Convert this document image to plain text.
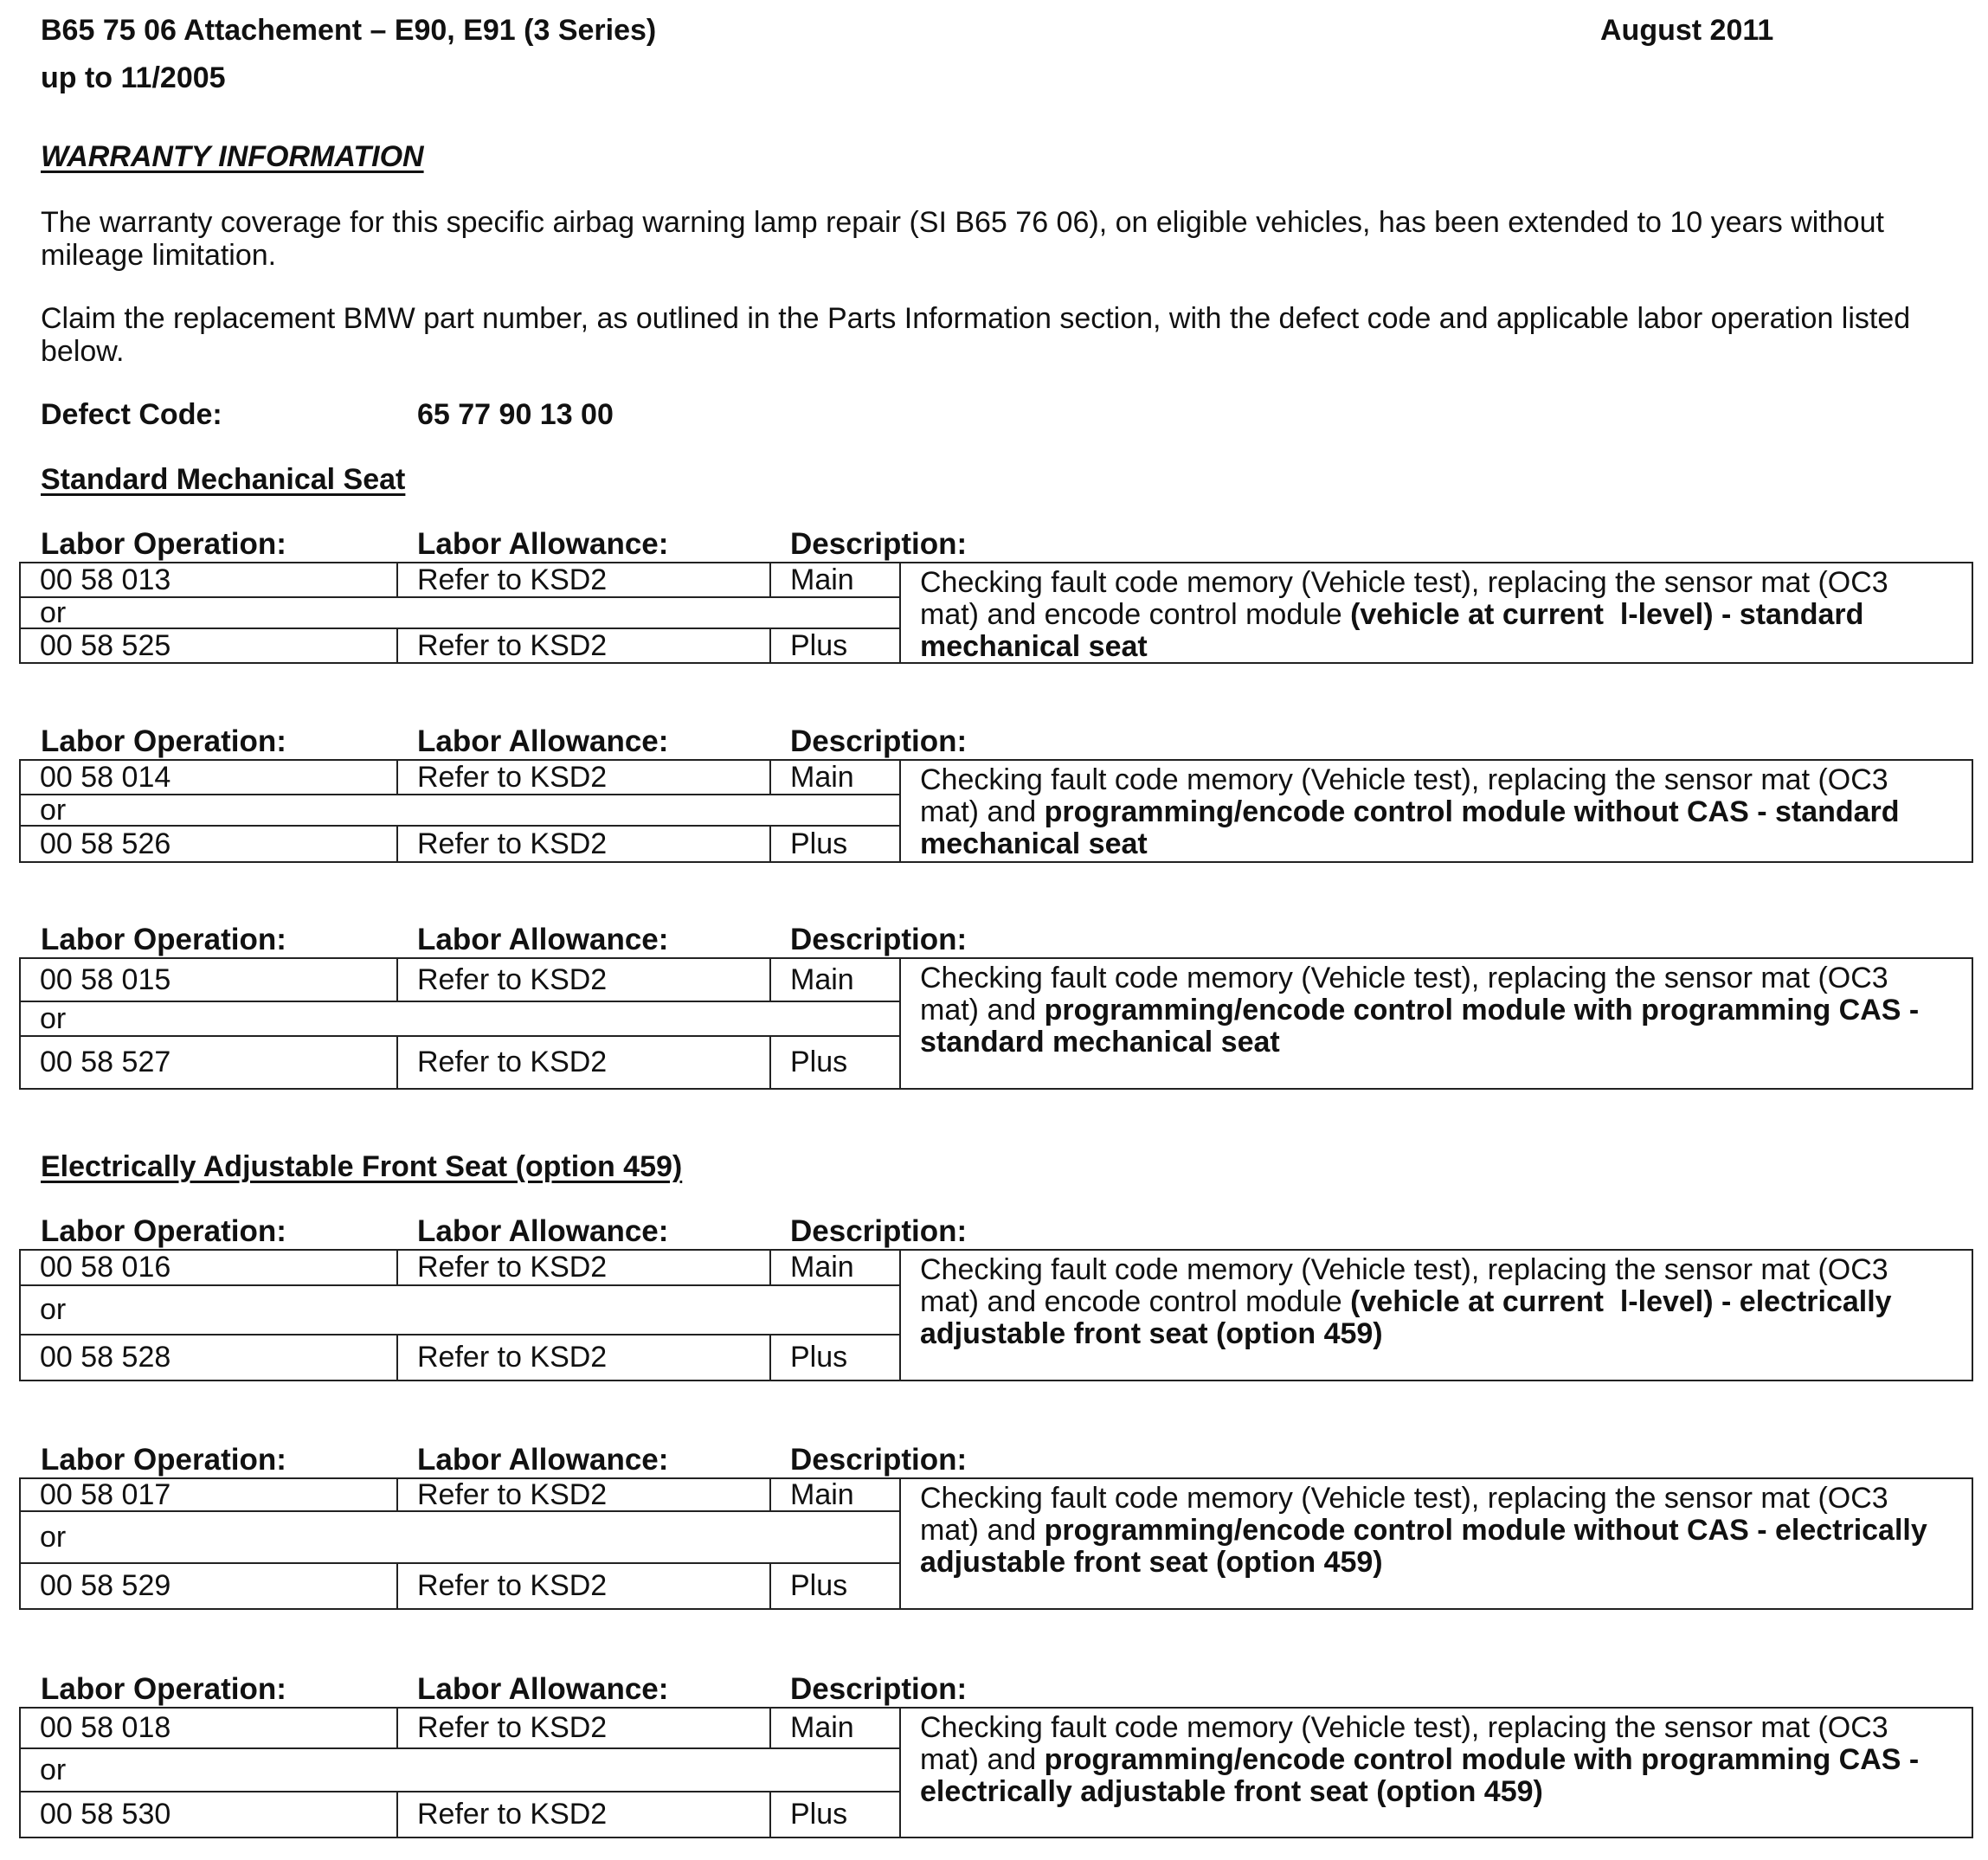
B65 75 06 Attachement – E90, E91 (3 Series)	August 2011
up to 11/2005
WARRANTY INFORMATION
The warranty coverage for this specific airbag warning lamp repair (SI B65 76 06), on eligible vehicles, has been extended to 10 years without mileage limitation.
Claim the replacement BMW part number, as outlined in the Parts Information section, with the defect code and applicable labor operation listed below.
Defect Code:	65 77 90 13 00
Standard Mechanical Seat
Electrically Adjustable Front Seat (option 459)
Labor Operation:	Labor Allowance:	Description:
00 58 013	Refer to KSD2	Main	Checking fault code memory (Vehicle test), replacing the sensor mat (OC3 mat) and encode control module (vehicle at current  l-level) - standard mechanical seat
or
00 58 525	Refer to KSD2	Plus
Labor Operation:	Labor Allowance:	Description:
00 58 014	Refer to KSD2	Main	Checking fault code memory (Vehicle test), replacing the sensor mat (OC3 mat) and programming/encode control module without CAS - standard mechanical seat
or
00 58 526	Refer to KSD2	Plus
Labor Operation:	Labor Allowance:	Description:
00 58 015	Refer to KSD2	Main	Checking fault code memory (Vehicle test), replacing the sensor mat (OC3 mat) and programming/encode control module with programming CAS - standard mechanical seat
or
00 58 527	Refer to KSD2	Plus
Labor Operation:	Labor Allowance:	Description:
00 58 016	Refer to KSD2	Main	Checking fault code memory (Vehicle test), replacing the sensor mat (OC3 mat) and encode control module (vehicle at current  l-level) - electrically adjustable front seat (option 459)
or
00 58 528	Refer to KSD2	Plus
Labor Operation:	Labor Allowance:	Description:
00 58 017	Refer to KSD2	Main	Checking fault code memory (Vehicle test), replacing the sensor mat (OC3 mat) and programming/encode control module without CAS - electrically adjustable front seat (option 459)
or
00 58 529	Refer to KSD2	Plus
Labor Operation:	Labor Allowance:	Description:
00 58 018	Refer to KSD2	Main	Checking fault code memory (Vehicle test), replacing the sensor mat (OC3 mat) and programming/encode control module with programming CAS - electrically adjustable front seat (option 459)
or
00 58 530	Refer to KSD2	Plus
